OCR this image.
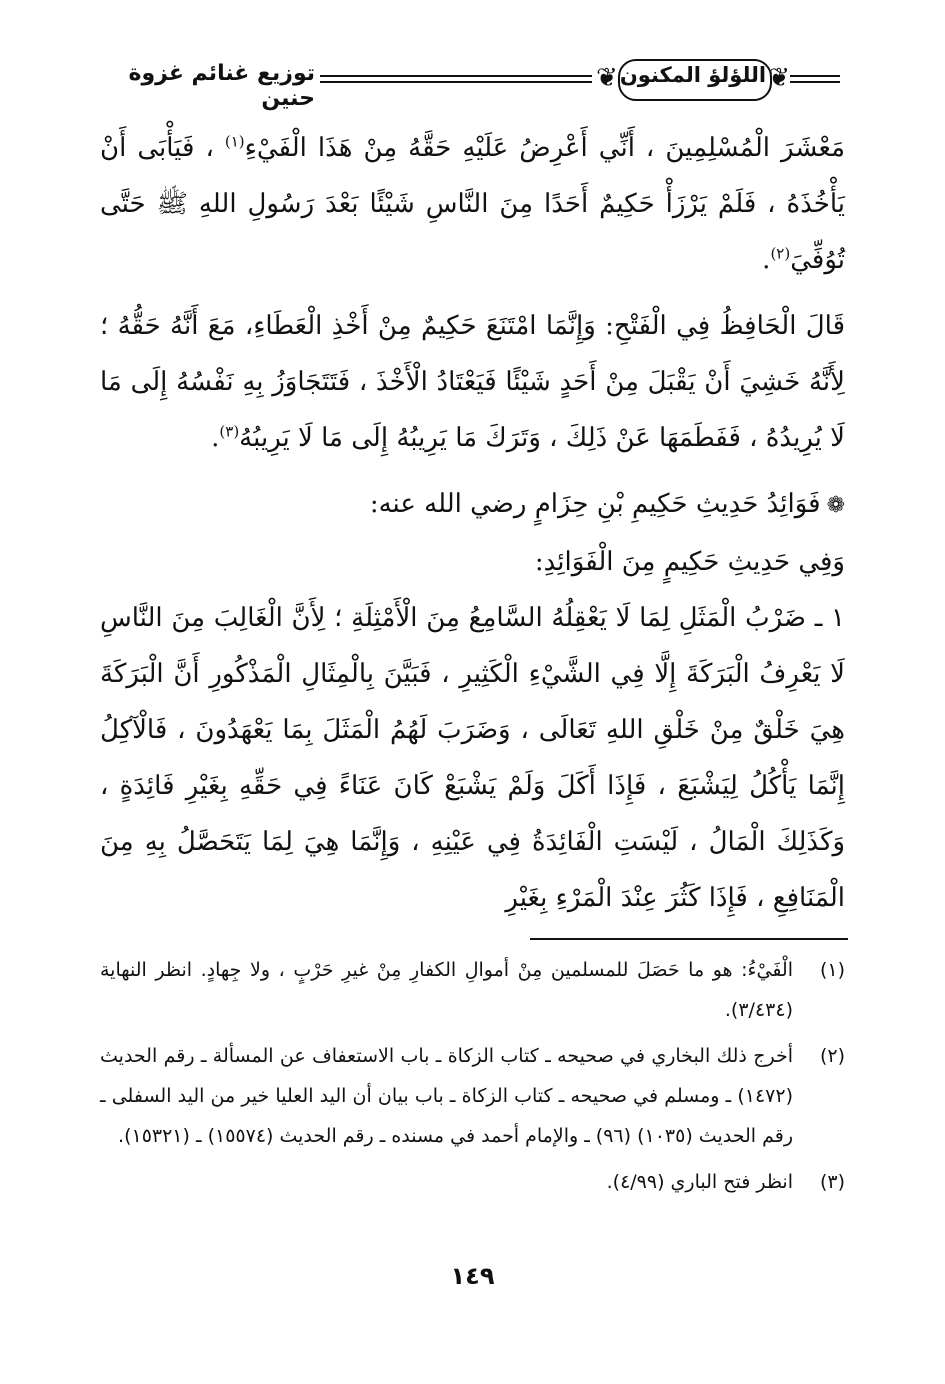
توزيع غنائم غزوة حنين
❦ اللؤلؤ المكنون ❦

مَعْشَرَ الْمُسْلِمِينَ ، أَنِّي أَعْرِضُ عَلَيْهِ حَقَّهُ مِنْ هَذَا الْفَيْءِ$^{(١)}$ ، فَيَأْبَى أَنْ يَأْخُذَهُ ، فَلَمْ يَرْزَأْ حَكِيمٌ أَحَدًا مِنَ النَّاسِ شَيْئًا بَعْدَ رَسُولِ اللهِ ﷺ حَتَّى تُوُفِّيَ$^{(٢)}$.

قَالَ الْحَافِظُ فِي الْفَتْحِ: وَإِنَّمَا امْتَنَعَ حَكِيمٌ مِنْ أَخْذِ الْعَطَاءِ، مَعَ أَنَّهُ حَقُّهُ ؛ لِأَنَّهُ خَشِيَ أَنْ يَقْبَلَ مِنْ أَحَدٍ شَيْئًا فَيَعْتَادُ الْأَخْذَ ، فَتَتَجَاوَزُ بِهِ نَفْسُهُ إِلَى مَا لَا يُرِيدُهُ ، فَفَطَمَهَا عَنْ ذَلِكَ ، وَتَرَكَ مَا يَرِيبُهُ إِلَى مَا لَا يَرِيبُهُ$^{(٣)}$.

❁فَوَائِدُ حَدِيثِ حَكِيمِ بْنِ حِزَامٍ رضي الله عنه:

وَفِي حَدِيثِ حَكِيمٍ مِنَ الْفَوَائِدِ:

١ ـ ضَرْبُ الْمَثَلِ لِمَا لَا يَعْقِلُهُ السَّامِعُ مِنَ الْأَمْثِلَةِ ؛ لِأَنَّ الْغَالِبَ مِنَ النَّاسِ لَا يَعْرِفُ الْبَرَكَةَ إِلَّا فِي الشَّيْءِ الْكَثِيرِ ، فَبَيَّنَ بِالْمِثَالِ الْمَذْكُورِ أَنَّ الْبَرَكَةَ هِيَ خَلْقٌ مِنْ خَلْقِ اللهِ تَعَالَى ، وَضَرَبَ لَهُمُ الْمَثَلَ بِمَا يَعْهَدُونَ ، فَالْآكِلُ إِنَّمَا يَأْكُلُ لِيَشْبَعَ ، فَإِذَا أَكَلَ وَلَمْ يَشْبَعْ كَانَ عَنَاءً فِي حَقِّهِ بِغَيْرِ فَائِدَةٍ ، وَكَذَلِكَ الْمَالُ ، لَيْسَتِ الْفَائِدَةُ فِي عَيْنِهِ ، وَإِنَّمَا هِيَ لِمَا يَتَحَصَّلُ بِهِ مِنَ الْمَنَافِعِ ، فَإِذَا كَثُرَ عِنْدَ الْمَرْءِ بِغَيْرِ

(١)
الْفَيْءُ: هو ما حَصَلَ للمسلمين مِنْ أموالِ الكفارِ مِنْ غيرِ حَرْبٍ ، ولا جِهادٍ. انظر النهاية (٣/٤٣٤).
(٢)
أخرج ذلك البخاري في صحيحه ـ كتاب الزكاة ـ باب الاستعفاف عن المسألة ـ رقم الحديث (١٤٧٢) ـ ومسلم في صحيحه ـ كتاب الزكاة ـ باب بيان أن اليد العليا خير من اليد السفلى ـ رقم الحديث (١٠٣٥) (٩٦) ـ والإمام أحمد في مسنده ـ رقم الحديث (١٥٥٧٤) ـ (١٥٣٢١).
(٣)
انظر فتح الباري (٤/٩٩).
١٤٩
